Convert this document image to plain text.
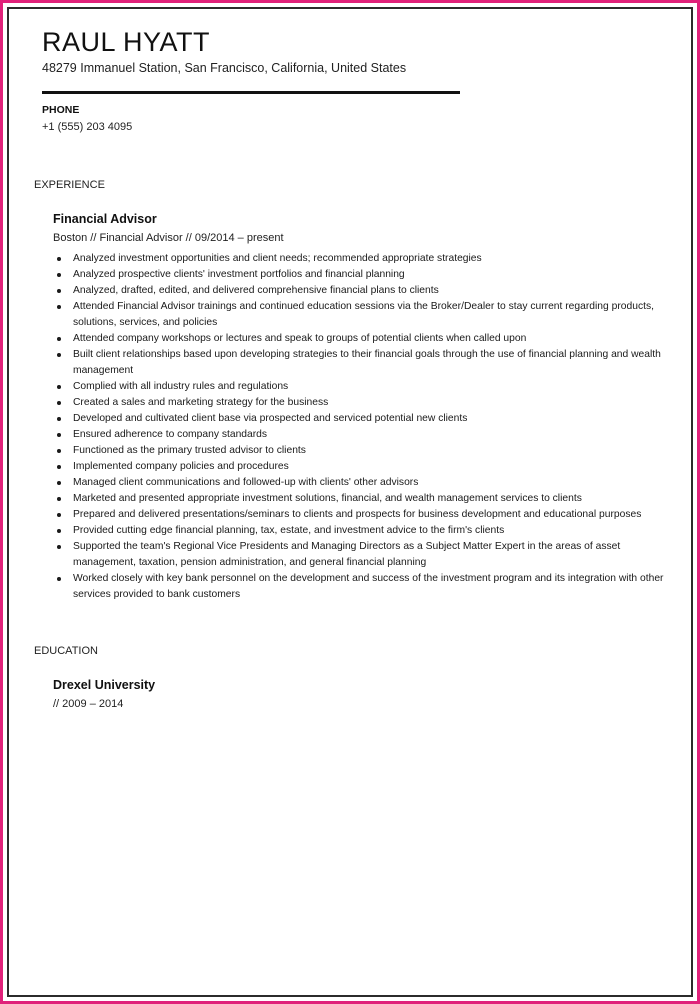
RAUL HYATT
48279 Immanuel Station, San Francisco, California, United States
PHONE
+1 (555) 203 4095
EXPERIENCE
Financial Advisor
Boston // Financial Advisor // 09/2014 – present
Analyzed investment opportunities and client needs; recommended appropriate strategies
Analyzed prospective clients' investment portfolios and financial planning
Analyzed, drafted, edited, and delivered comprehensive financial plans to clients
Attended Financial Advisor trainings and continued education sessions via the Broker/Dealer to stay current regarding products, solutions, services, and policies
Attended company workshops or lectures and speak to groups of potential clients when called upon
Built client relationships based upon developing strategies to their financial goals through the use of financial planning and wealth management
Complied with all industry rules and regulations
Created a sales and marketing strategy for the business
Developed and cultivated client base via prospected and serviced potential new clients
Ensured adherence to company standards
Functioned as the primary trusted advisor to clients
Implemented company policies and procedures
Managed client communications and followed-up with clients' other advisors
Marketed and presented appropriate investment solutions, financial, and wealth management services to clients
Prepared and delivered presentations/seminars to clients and prospects for business development and educational purposes
Provided cutting edge financial planning, tax, estate, and investment advice to the firm's clients
Supported the team's Regional Vice Presidents and Managing Directors as a Subject Matter Expert in the areas of asset management, taxation, pension administration, and general financial planning
Worked closely with key bank personnel on the development and success of the investment program and its integration with other services provided to bank customers
EDUCATION
Drexel University
// 2009 – 2014
